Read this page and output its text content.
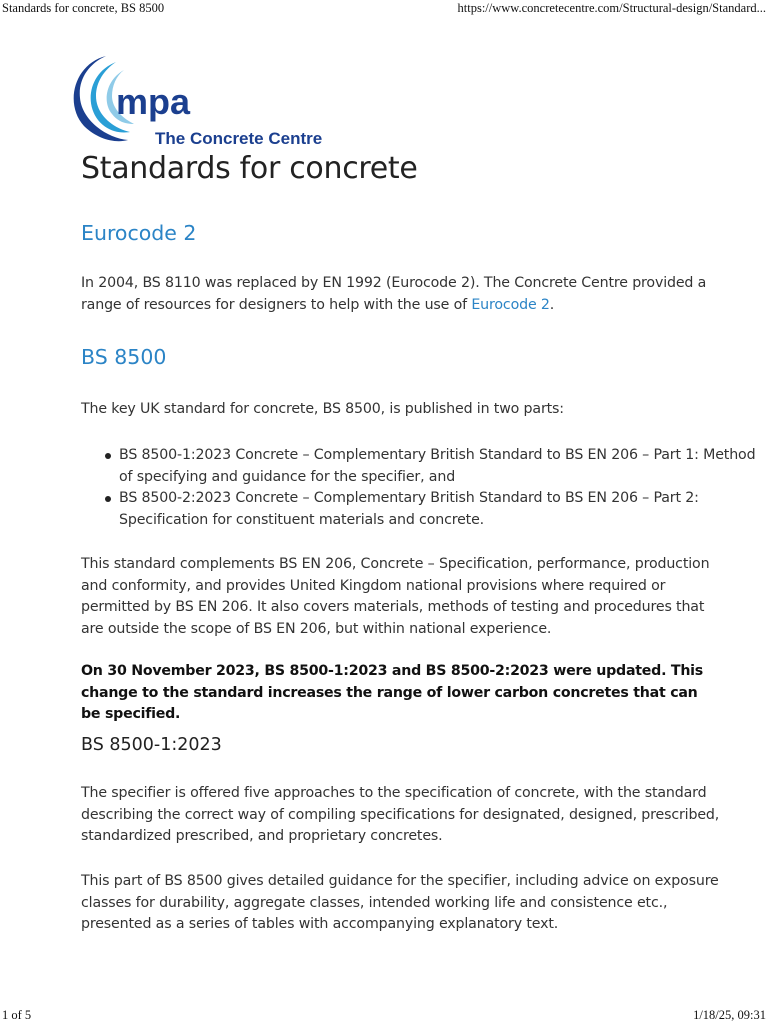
Standards for concrete, BS 8500	https://www.concretecentre.com/Structural-design/Standard...
mpa
The Concrete Centre
Standards for concrete
Eurocode 2
In 2004, BS 8110 was replaced by EN 1992 (Eurocode 2). The Concrete Centre provided a range of resources for designers to help with the use of Eurocode 2.
BS 8500
The key UK standard for concrete, BS 8500, is published in two parts:
BS 8500-1:2023 Concrete – Complementary British Standard to BS EN 206 – Part 1: Method of specifying and guidance for the specifier, and
BS 8500-2:2023 Concrete – Complementary British Standard to BS EN 206 – Part 2: Specification for constituent materials and concrete.
This standard complements BS EN 206, Concrete – Specification, performance, production and conformity, and provides United Kingdom national provisions where required or permitted by BS EN 206. It also covers materials, methods of testing and procedures that are outside the scope of BS EN 206, but within national experience.
On 30 November 2023, BS 8500-1:2023 and BS 8500-2:2023 were updated. This change to the standard increases the range of lower carbon concretes that can be specified.
BS 8500-1:2023
The specifier is offered five approaches to the specification of concrete, with the standard describing the correct way of compiling specifications for designated, designed, prescribed, standardized prescribed, and proprietary concretes.
This part of BS 8500 gives detailed guidance for the specifier, including advice on exposure classes for durability, aggregate classes, intended working life and consistence etc., presented as a series of tables with accompanying explanatory text.
1 of 5	1/18/25, 09:31
